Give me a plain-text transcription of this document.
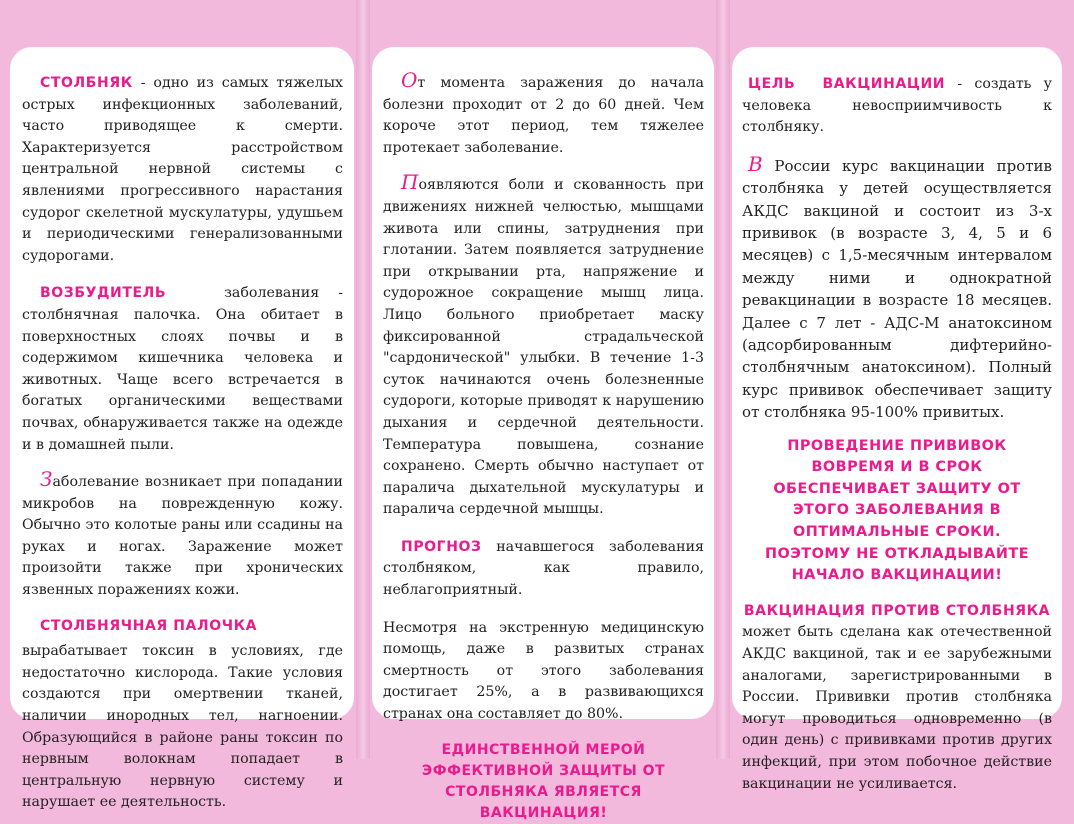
СТОЛБНЯК - одно из самых тяжелых острых инфекционных заболеваний, часто приводящее к смерти. Характеризуется расстройством центральной нервной системы с явлениями прогрессивного нарастания судорог скелетной мускулатуры, удушьем и периодическими генерализованными судорогами.

ВОЗБУДИТЕЛЬ	заболевания - столбнячная палочка. Она обитает в поверхностных слоях почвы и в содержимом кишечника человека и животных. Чаще всего встречается в богатых органическими веществами почвах, обнаруживается также на одежде и в домашней пыли.

Заболевание возникает при попадании микробов на поврежденную кожу. Обычно это колотые раны или ссадины на руках и ногах. Заражение может произойти также при хронических язвенных поражениях кожи.

СТОЛБНЯЧНАЯ ПАЛОЧКА

вырабатывает токсин в условиях, где недостаточно кислорода. Такие условия создаются при омертвении тканей, наличии инородных тел, нагноении. Образующийся в районе раны токсин по нервным волокнам попадает в центральную нервную систему и нарушает ее деятельность.

От момента заражения до начала болезни проходит от 2 до 60 дней. Чем короче этот период, тем тяжелее протекает заболевание.

Появляются боли и скованность при движениях нижней челюстью, мышцами живота или спины, затруднения при глотании. Затем появляется затруднение при открывании рта, напряжение и судорожное сокращение мышц лица. Лицо больного приобретает маску фиксированной страдальческой "сардонической" улыбки. В течение 1-3 суток начинаются очень болезненные судороги, которые приводят к нарушению дыхания и сердечной деятельности. Температура повышена, сознание сохранено. Смерть обычно наступает от паралича дыхательной мускулатуры и паралича сердечной мышцы.

ПРОГНОЗ начавшегося заболевания столбняком, как правило, неблагоприятный.

Несмотря на экстренную медицинскую помощь, даже в развитых странах смертность от этого заболевания достигает 25%, а в развивающихся странах она составляет до 80%.

ЕДИНСТВЕННОЙ МЕРОЙ ЭФФЕКТИВНОЙ ЗАЩИТЫ ОТ СТОЛБНЯКА ЯВЛЯЕТСЯ ВАКЦИНАЦИЯ!

ЦЕЛЬ ВАКЦИНАЦИИ - создать у человека невосприимчивость к столбняку.

В России курс вакцинации против столбняка у детей осуществляется АКДС вакциной и состоит из 3-х прививок (в возрасте 3, 4, 5 и 6 месяцев) с 1,5-месячным интервалом между ними и однократной ревакцинации в возрасте 18 месяцев. Далее с 7 лет - АДС-М анатоксином (адсорбированным дифтерийно-столбнячным анатоксином). Полный курс прививок обеспечивает защиту от столбняка 95-100% привитых.

ПРОВЕДЕНИЕ ПРИВИВОК ВОВРЕМЯ И В СРОК ОБЕСПЕЧИВАЕТ ЗАЩИТУ ОТ ЭТОГО ЗАБОЛЕВАНИЯ В ОПТИМАЛЬНЫЕ СРОКИ. ПОЭТОМУ НЕ ОТКЛАДЫВАЙТЕ НАЧАЛО ВАКЦИНАЦИИ!
ВАКЦИНАЦИЯ ПРОТИВ СТОЛБНЯКА

может быть сделана как отечественной АКДС вакциной, так и ее зарубежными аналогами, зарегистрированными в России. Прививки против столбняка могут проводиться одновременно (в один день) с прививками против других инфекций, при этом побочное действие вакцинации не усиливается.
